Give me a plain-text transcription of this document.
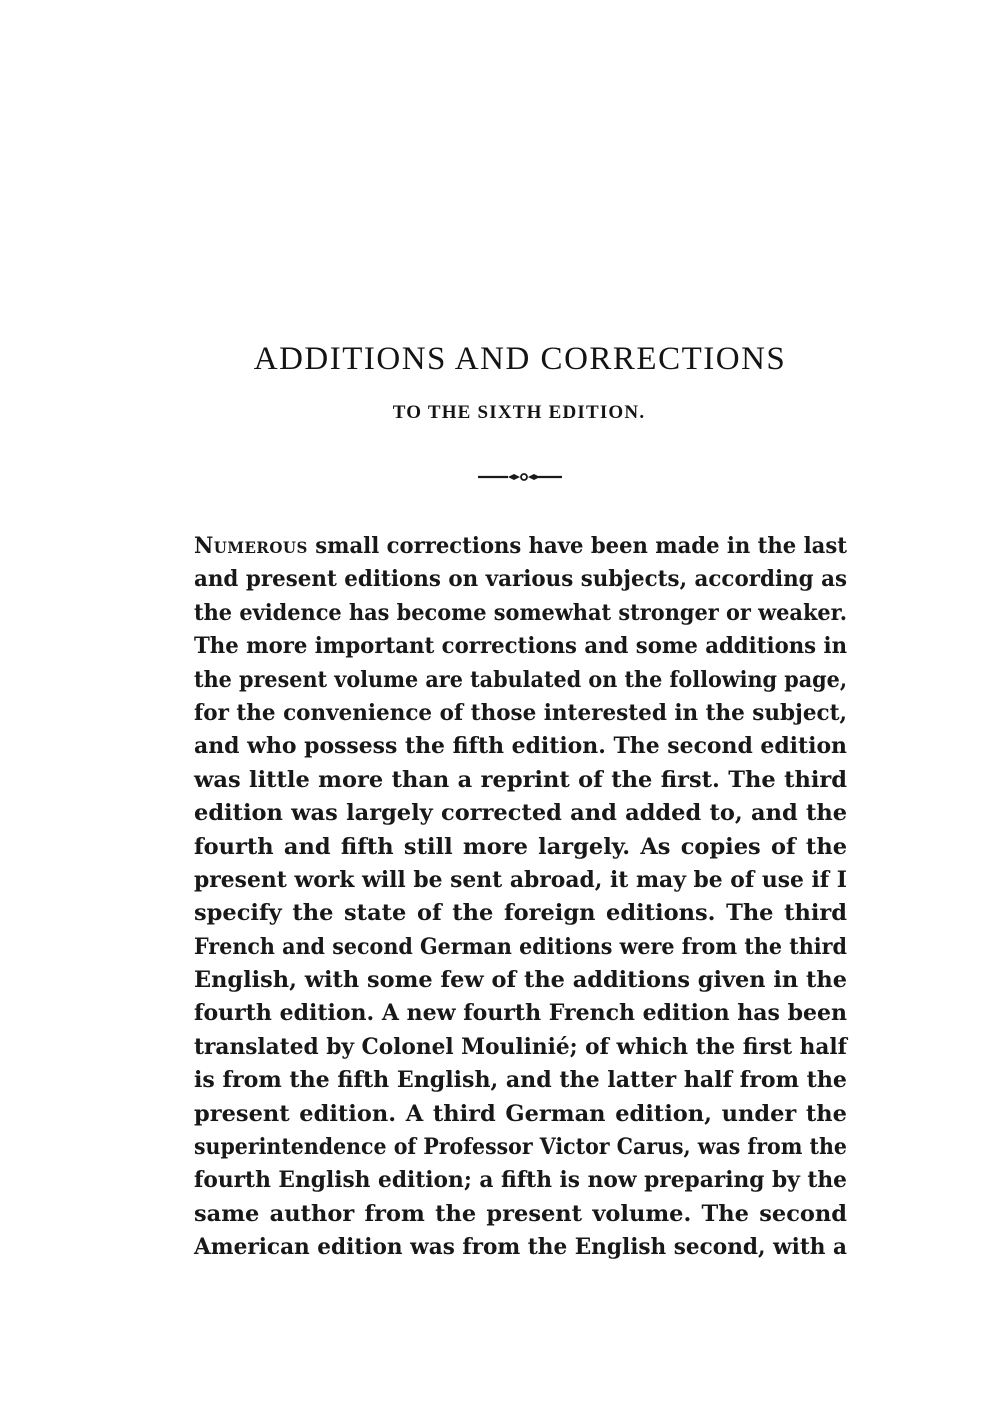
ADDITIONS AND CORRECTIONS
TO THE SIXTH EDITION.
Numerous small corrections have been made in the last
and present editions on various subjects, according as
the evidence has become somewhat stronger or weaker.
The more important corrections and some additions in
the present volume are tabulated on the following page,
for the convenience of those interested in the subject,
and who possess the fifth edition. The second edition
was little more than a reprint of the first. The third
edition was largely corrected and added to, and the
fourth and fifth still more largely. As copies of the
present work will be sent abroad, it may be of use if I
specify the state of the foreign editions. The third
French and second German editions were from the third
English, with some few of the additions given in the
fourth edition. A new fourth French edition has been
translated by Colonel Moulinié; of which the first half
is from the fifth English, and the latter half from the
present edition. A third German edition, under the
superintendence of Professor Victor Carus, was from the
fourth English edition; a fifth is now preparing by the
same author from the present volume. The second
American edition was from the English second, with a
